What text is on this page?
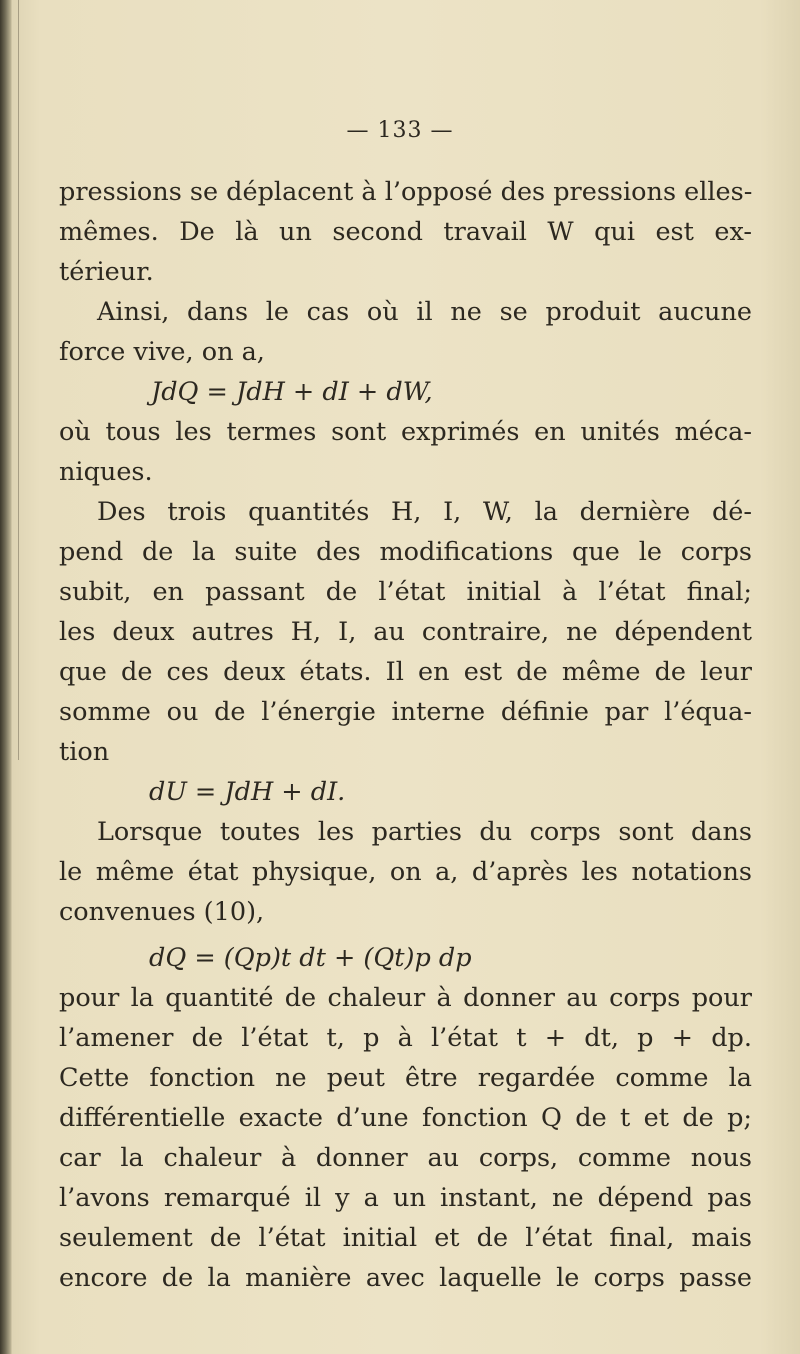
— 133 —
pressions se déplacent à l’opposé des pressions elles-
mêmes. De là un second travail W qui est ex-
térieur.
Ainsi, dans le cas où il ne se produit aucune
force vive, on a,
JdQ = JdH + dI + dW,
où tous les termes sont exprimés en unités méca-
niques.
Des trois quantités H, I, W, la dernière dé-
pend de la suite des modifications que le corps
subit, en passant de l’état initial à l’état final;
les deux autres H, I, au contraire, ne dépendent
que de ces deux états. Il en est de même de leur
somme ou de l’énergie interne définie par l’équa-
tion
dU = JdH + dI.
Lorsque toutes les parties du corps sont dans
le même état physique, on a, d’après les notations
convenues (10),
dQ = (Qp)t dt + (Qt)p dp
pour la quantité de chaleur à donner au corps pour
l’amener de l’état t, p à l’état t + dt, p + dp.
Cette fonction ne peut être regardée comme la
différentielle exacte d’une fonction Q de t et de p;
car la chaleur à donner au corps, comme nous
l’avons remarqué il y a un instant, ne dépend pas
seulement de l’état initial et de l’état final, mais
encore de la manière avec laquelle le corps passe
